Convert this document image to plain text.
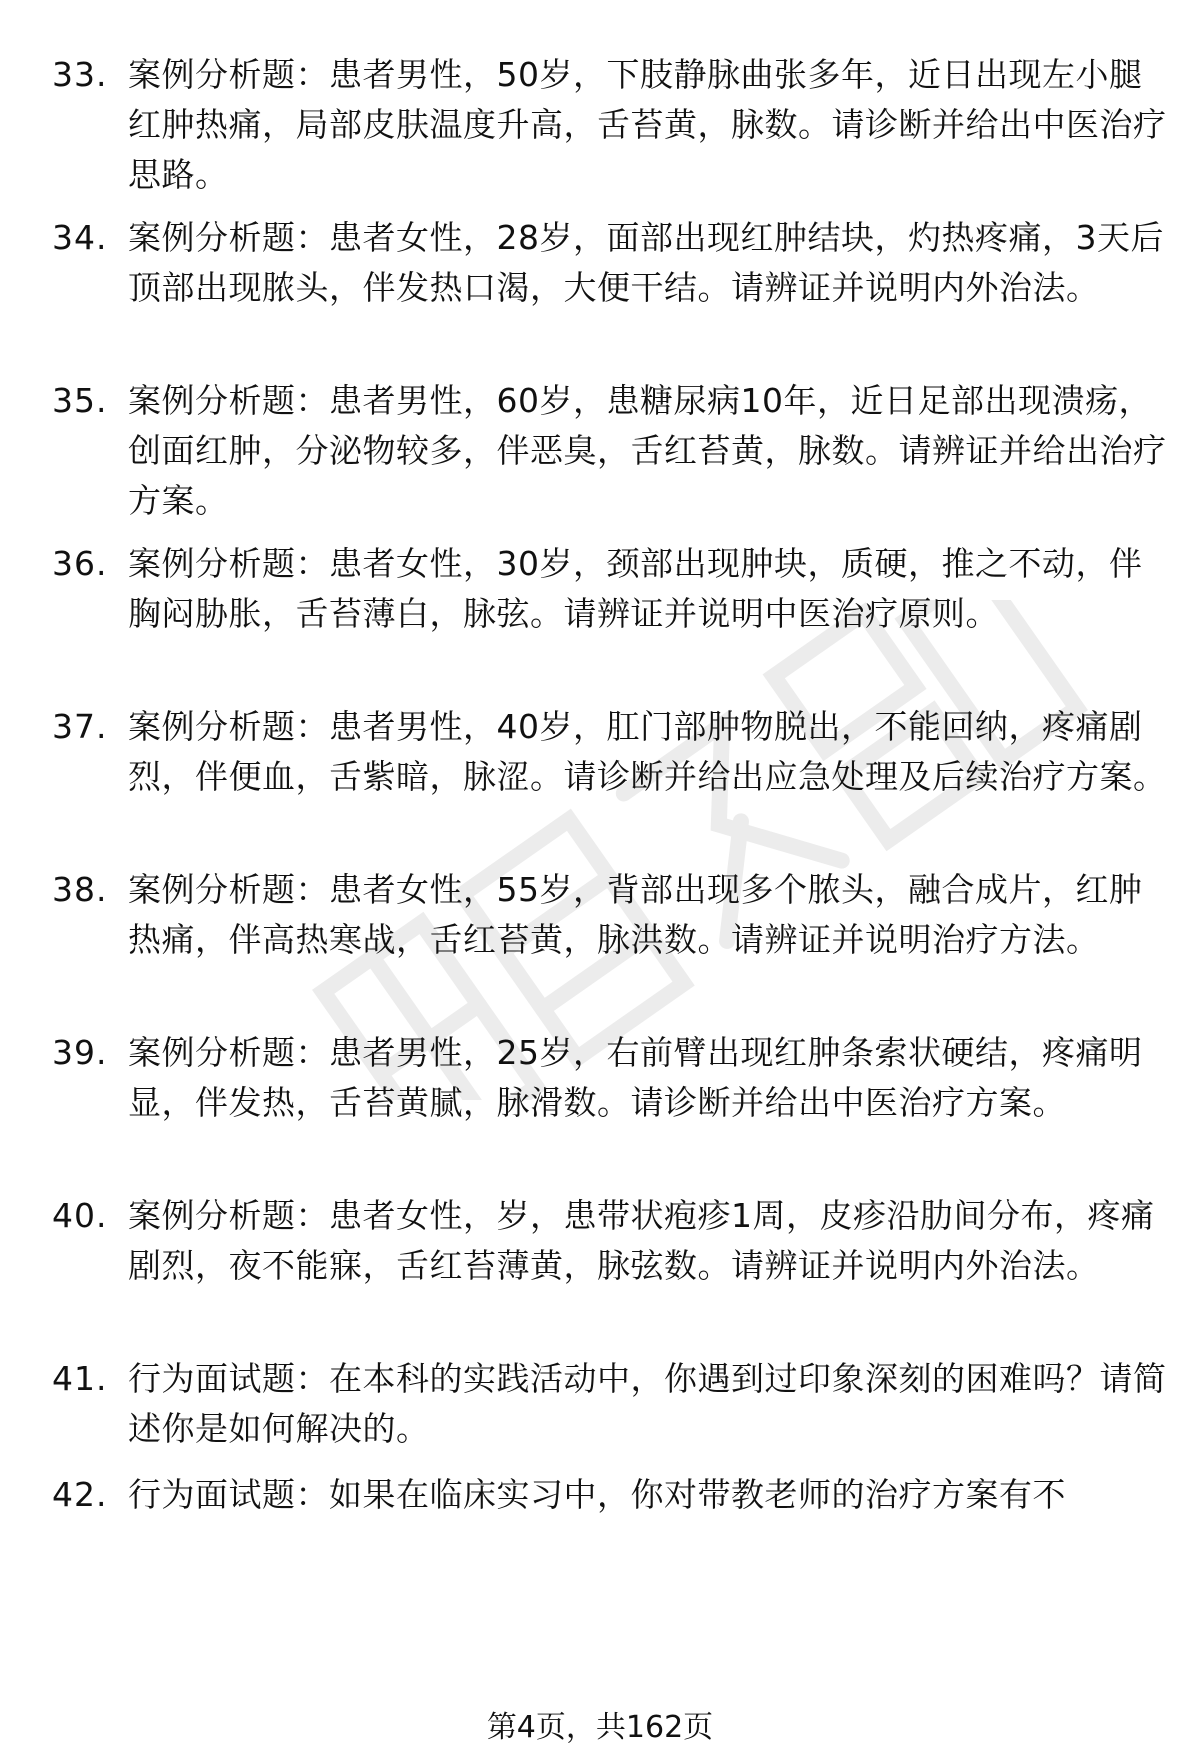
33. 案例分析题：患者男性，50岁，下肢静脉曲张多年，近日出现左小腿红肿热痛，局部皮肤温度升高，舌苔黄，脉数。请诊断并给出中医治疗思路。
34. 案例分析题：患者女性，28岁，面部出现红肿结块，灼热疼痛，3天后顶部出现脓头，伴发热口渴，大便干结。请辨证并说明内外治法。
35. 案例分析题：患者男性，60岁，患糖尿病10年，近日足部出现溃疡，创面红肿，分泌物较多，伴恶臭，舌红苔黄，脉数。请辨证并给出治疗方案。
36. 案例分析题：患者女性，30岁，颈部出现肿块，质硬，推之不动，伴胸闷胁胀，舌苔薄白，脉弦。请辨证并说明中医治疗原则。
37. 案例分析题：患者男性，40岁，肛门部肿物脱出，不能回纳，疼痛剧烈，伴便血，舌紫暗，脉涩。请诊断并给出应急处理及后续治疗方案。
38. 案例分析题：患者女性，55岁，背部出现多个脓头，融合成片，红肿热痛，伴高热寒战，舌红苔黄，脉洪数。请辨证并说明治疗方法。
39. 案例分析题：患者男性，25岁，右前臂出现红肿条索状硬结，疼痛明显，伴发热，舌苔黄腻，脉滑数。请诊断并给出中医治疗方案。
40. 案例分析题：患者女性，岁，患带状疱疹1周，皮疹沿肋间分布，疼痛剧烈，夜不能寐，舌红苔薄黄，脉弦数。请辨证并说明内外治法。
41. 行为面试题：在本科的实践活动中，你遇到过印象深刻的困难吗？请简述你是如何解决的。
42. 行为面试题：如果在临床实习中，你对带教老师的治疗方案有不
第4页，共162页
